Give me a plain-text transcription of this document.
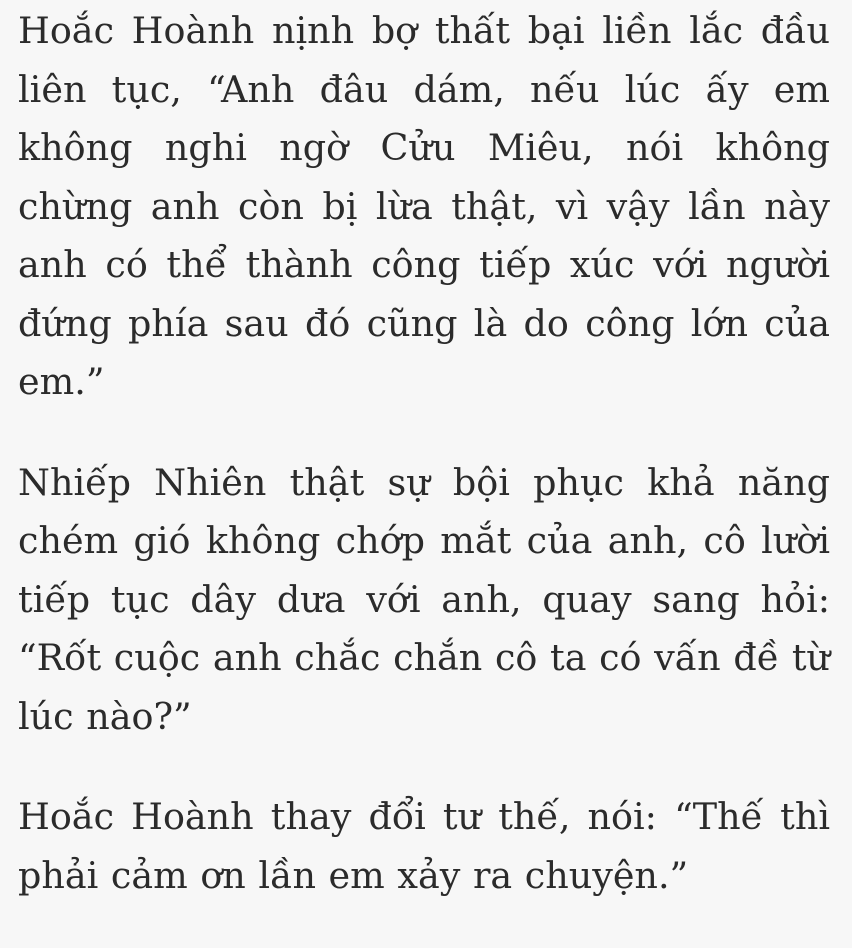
Hoắc Hoành nịnh bợ thất bại liền lắc đầu liên tục, “Anh đâu dám, nếu lúc ấy em không nghi ngờ Cửu Miêu, nói không chừng anh còn bị lừa thật, vì vậy lần này anh có thể thành công tiếp xúc với người đứng phía sau đó cũng là do công lớn của em.”

Nhiếp Nhiên thật sự bội phục khả năng chém gió không chớp mắt của anh, cô lười tiếp tục dây dưa với anh, quay sang hỏi: “Rốt cuộc anh chắc chắn cô ta có vấn đề từ lúc nào?”

Hoắc Hoành thay đổi tư thế, nói: “Thế thì phải cảm ơn lần em xảy ra chuyện.”
